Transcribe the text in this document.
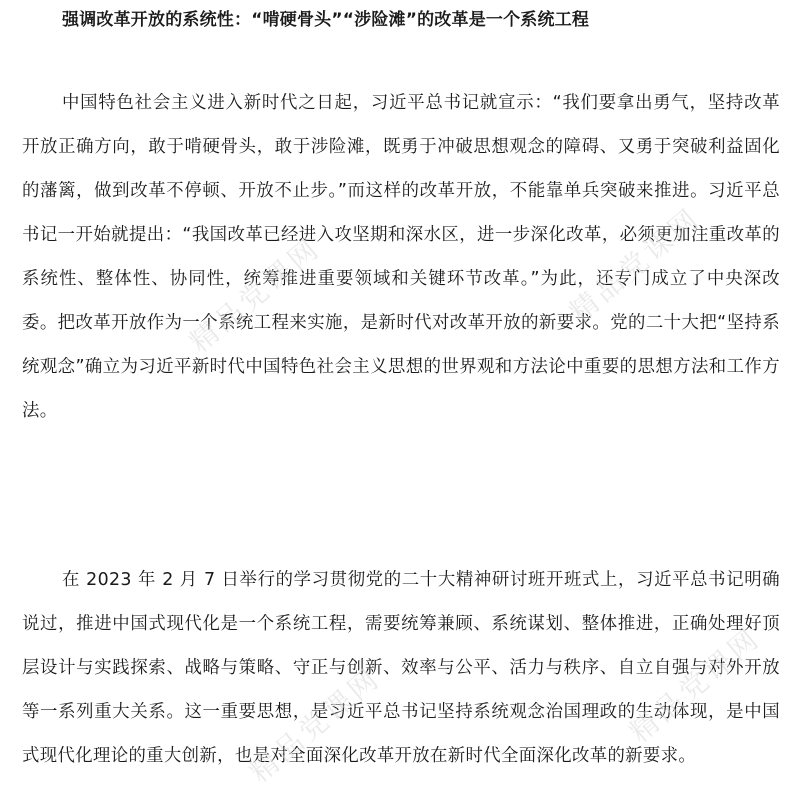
强调改革开放的系统性：“啃硬骨头”“涉险滩”的改革是一个系统工程

中国特色社会主义进入新时代之日起，习近平总书记就宣示：“我们要拿出勇气，坚持改革开放正确方向，敢于啃硬骨头，敢于涉险滩，既勇于冲破思想观念的障碍、又勇于突破利益固化的藩篱，做到改革不停顿、开放不止步。”而这样的改革开放，不能靠单兵突破来推进。习近平总书记一开始就提出：“我国改革已经进入攻坚期和深水区，进一步深化改革，必须更加注重改革的系统性、整体性、协同性，统筹推进重要领域和关键环节改革。”为此，还专门成立了中央深改委。把改革开放作为一个系统工程来实施，是新时代对改革开放的新要求。党的二十大把“坚持系统观念”确立为习近平新时代中国特色社会主义思想的世界观和方法论中重要的思想方法和工作方法。

在 2023 年 2 月 7 日举行的学习贯彻党的二十大精神研讨班开班式上，习近平总书记明确说过，推进中国式现代化是一个系统工程，需要统筹兼顾、系统谋划、整体推进，正确处理好顶层设计与实践探索、战略与策略、守正与创新、效率与公平、活力与秩序、自立自强与对外开放等一系列重大关系。这一重要思想，是习近平总书记坚持系统观念治国理政的生动体现，是中国式现代化理论的重大创新，也是对全面深化改革开放在新时代全面深化改革的新要求。

精品党课网	精品党课网
精品党课网	精品党课网
